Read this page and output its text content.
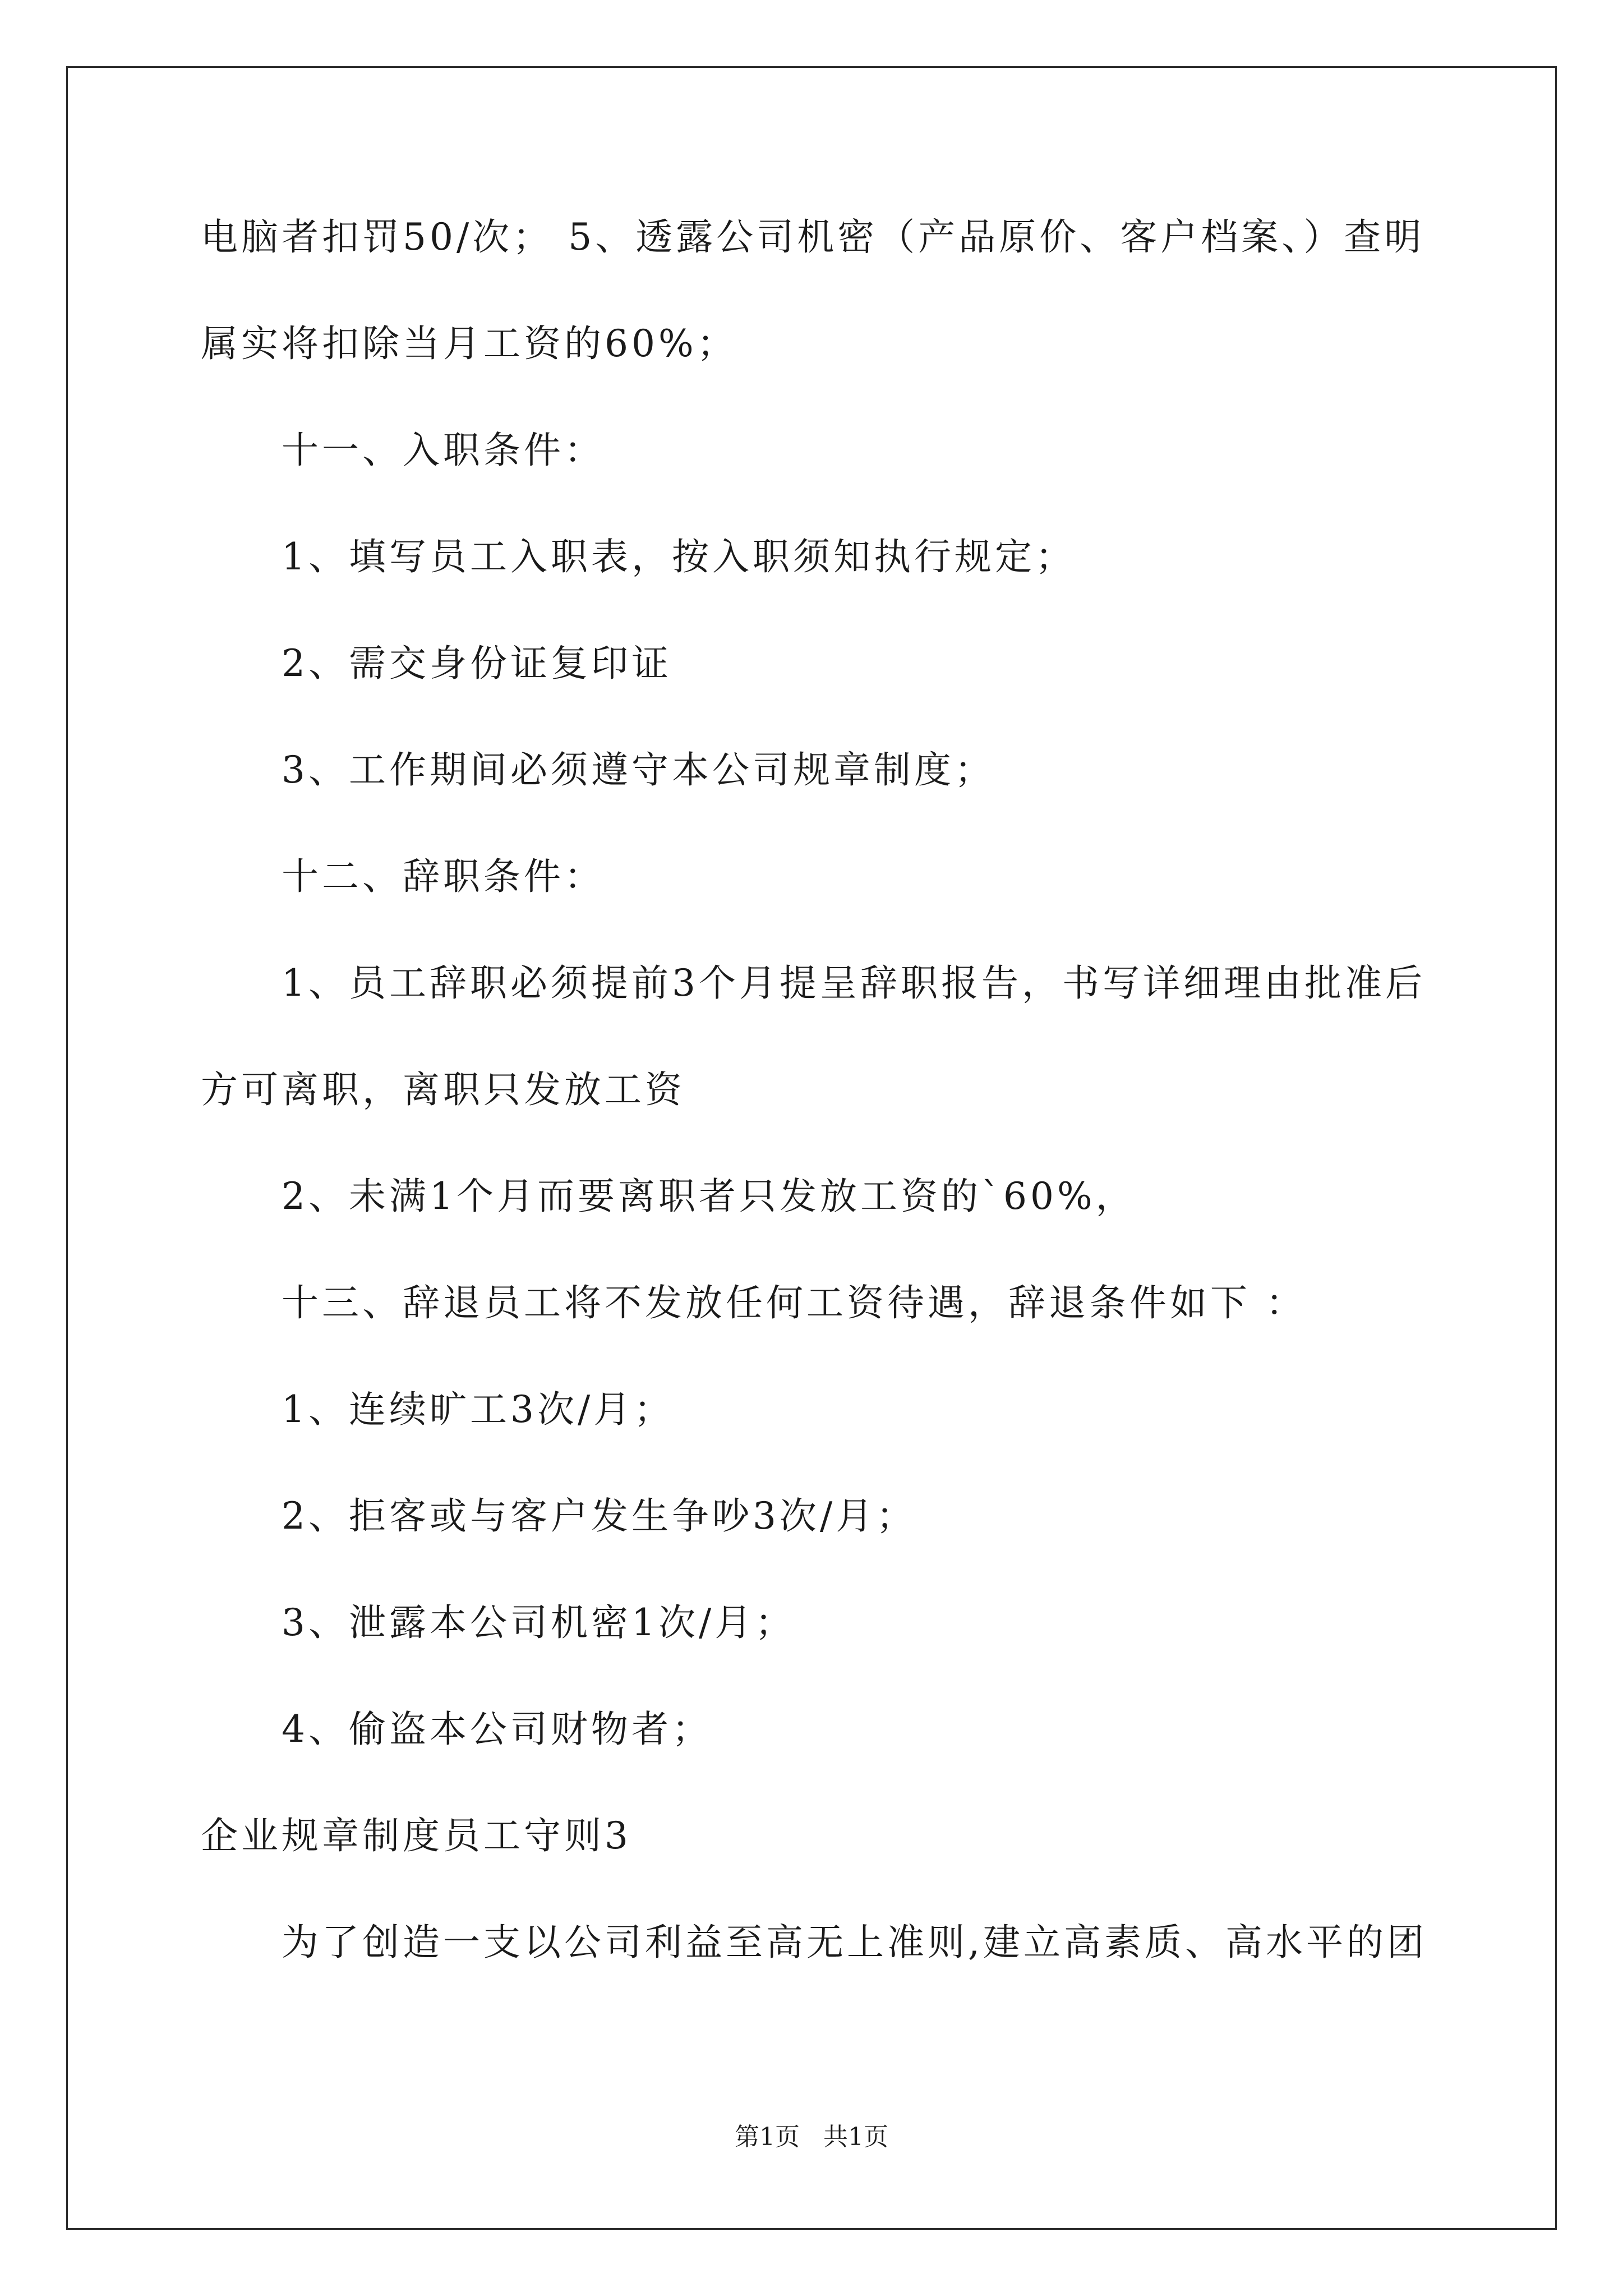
电脑者扣罚50/次； 5、透露公司机密（产品原价、客户档案、）查明
属实将扣除当月工资的60%；
十一、入职条件：
1、填写员工入职表，按入职须知执行规定；
2、需交身份证复印证
3、工作期间必须遵守本公司规章制度；
十二、辞职条件：
1、员工辞职必须提前3个月提呈辞职报告，书写详细理由批准后
方可离职，离职只发放工资
2、未满1个月而要离职者只发放工资的`60%，
十三、辞退员工将不发放任何工资待遇，辞退条件如下 ：
1、连续旷工3次/月；
2、拒客或与客户发生争吵3次/月；
3、泄露本公司机密1次/月；
4、偷盗本公司财物者；
企业规章制度员工守则3
为了创造一支以公司利益至高无上准则,建立高素质、高水平的团
第1页   共1页
